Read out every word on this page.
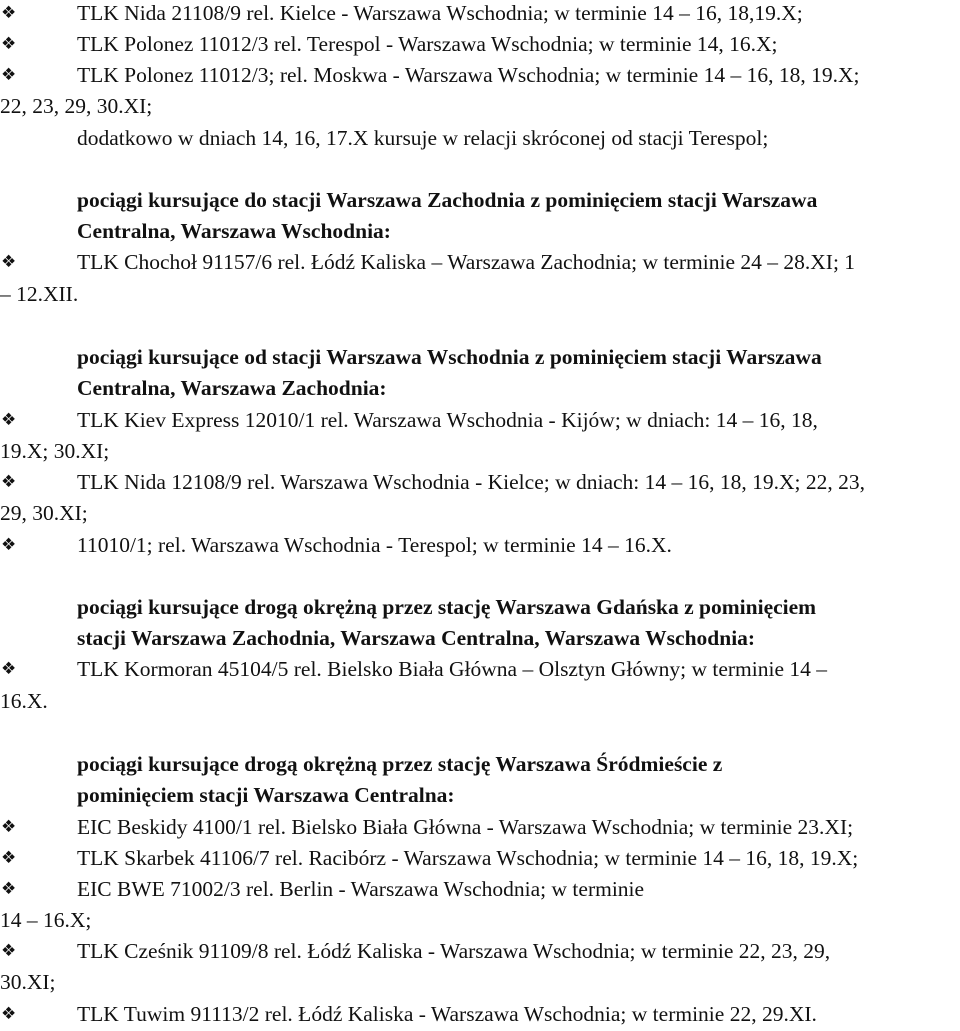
❖	TLK Nida 21108/9 rel. Kielce - Warszawa Wschodnia; w terminie 14 – 16, 18,19.X;
❖	TLK Polonez 11012/3 rel. Terespol - Warszawa Wschodnia; w terminie 14, 16.X;
❖	TLK Polonez 11012/3; rel. Moskwa - Warszawa Wschodnia; w terminie 14 – 16, 18, 19.X;
22, 23, 29, 30.XI;
dodatkowo w dniach 14, 16, 17.X kursuje w relacji skróconej od stacji Terespol;
pociągi kursujące do stacji Warszawa Zachodnia z pominięciem stacji Warszawa
Centralna, Warszawa Wschodnia:
❖	TLK Chochoł 91157/6 rel. Łódź Kaliska – Warszawa Zachodnia; w terminie 24 – 28.XI; 1
– 12.XII.
pociągi kursujące od stacji Warszawa Wschodnia z pominięciem stacji Warszawa
Centralna, Warszawa Zachodnia:
❖	TLK Kiev Express 12010/1 rel. Warszawa Wschodnia - Kijów; w dniach: 14 – 16, 18,
19.X; 30.XI;
❖	TLK Nida 12108/9 rel. Warszawa Wschodnia - Kielce; w dniach: 14 – 16, 18, 19.X; 22, 23,
29, 30.XI;
❖	11010/1; rel. Warszawa Wschodnia - Terespol; w terminie 14 – 16.X.
pociągi kursujące drogą okrężną przez stację Warszawa Gdańska z pominięciem
stacji Warszawa Zachodnia, Warszawa Centralna, Warszawa Wschodnia:
❖	TLK Kormoran 45104/5 rel. Bielsko Biała Główna – Olsztyn Główny; w terminie 14 –
16.X.
pociągi kursujące drogą okrężną przez stację Warszawa Śródmieście z
pominięciem stacji Warszawa Centralna:
❖	EIC Beskidy 4100/1 rel. Bielsko Biała Główna - Warszawa Wschodnia; w terminie 23.XI;
❖	TLK Skarbek 41106/7 rel. Racibórz - Warszawa Wschodnia; w terminie 14 – 16, 18, 19.X;
❖	EIC BWE 71002/3 rel. Berlin - Warszawa Wschodnia; w terminie
14 – 16.X;
❖	TLK Cześnik 91109/8 rel. Łódź Kaliska - Warszawa Wschodnia; w terminie 22, 23, 29,
30.XI;
❖	TLK Tuwim 91113/2 rel. Łódź Kaliska - Warszawa Wschodnia; w terminie 22, 29.XI.
